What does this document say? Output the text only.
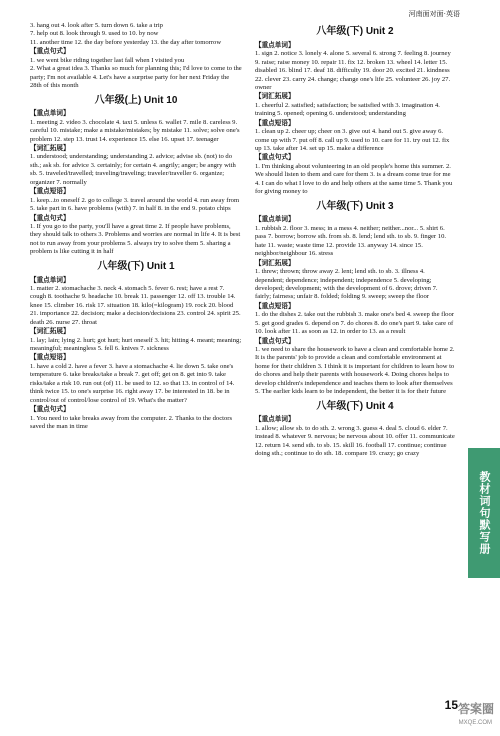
河南面对面·英语

3. hang out 4. look after 5. turn down 6. take a trip

7. help out 8. look through 9. used to 10. by now

11. another time 12. the day before yesterday 13. the day after tomorrow

【重点句式】

1. we went bike riding together last fall when I visited you

2. What a great idea 3. Thanks so much for planning this; I'd love to come to the party; I'm not available 4. Let's have a surprise party for her next Friday the 28th of this month

八年级(上) Unit 10
【重点单词】

1. meeting 2. video 3. chocolate 4. taxi 5. unless 6. wallet 7. mile 8. careless 9. careful 10. mistake; make a mistake/mistakes; by mistake 11. solve; solve one's problem 12. step 13. trust 14. experience 15. else 16. upset 17. teenager

【词汇拓展】

1. understood; understanding; understanding 2. advice; advise sb. (not) to do sth.; ask sb. for advice 3. certainly; for certain 4. angrily; anger; be angry with sb. 5. traveled/travelled; traveling/traveling; traveler/traveller 6. organize; organizer 7. normally

【重点短语】

1. keep...to oneself 2. go to college 3. travel around the world 4. run away from 5. take part in 6. have problems (with) 7. in half 8. in the end 9. potato chips

【重点句式】

1. If you go to the party, you'll have a great time 2. If people have problems, they should talk to others 3. Problems and worries are normal in life 4. It is best not to run away from your problems 5. always try to solve them 5. sharing a problem is like cutting it in half

八年级(下) Unit 1
【重点单词】

1. matter 2. stomachache 3. neck 4. stomach 5. fever 6. rest; have a rest 7. cough 8. toothache 9. headache 10. break 11. passenger 12. off 13. trouble 14. knee 15. climber 16. risk 17. situation 18. kilo(=kilogram) 19. rock 20. blood 21. importance 22. decision; make a decision/decisions 23. control 24. spirit 25. death 26. nurse 27. throat

【词汇拓展】

1. lay; lain; lying 2. hurt; got hurt; hurt oneself 3. hit; hitting 4. meant; meaning; meaningful; meaningless 5. fell 6. knives 7. sickness

【重点短语】

1. have a cold 2. have a fever 3. have a stomachache 4. lie down 5. take one's temperature 6. take breaks/take a break 7. get off; get on 8. get into 9. take risks/take a risk 10. run out (of) 11. be used to 12. so that 13. in control of 14. think twice 15. to one's surprise 16. right away 17. be interested in 18. be in control/out of control/lose control of 19. What's the matter?

【重点句式】

1. You need to take breaks away from the computer. 2. Thanks to the doctors saved the man in time

八年级(下) Unit 2
【重点单词】

1. sign 2. notice 3. lonely 4. alone 5. several 6. strong 7. feeling 8. journey 9. raise; raise money 10. repair 11. fix 12. broken 13. wheel 14. letter 15. disabled 16. blind 17. deaf 18. difficulty 19. door 20. excited 21. kindness 22. clever 23. carry 24. change; change one's life 25. volunteer 26. joy 27. owner

【词汇拓展】

1. cheerful 2. satisfied; satisfaction; be satisfied with 3. imagination 4. training 5. opened; opening 6. understood; understanding

【重点短语】

1. clean up 2. cheer up; cheer on 3. give out 4. hand out 5. give away 6. come up with 7. put off 8. call up 9. used to 10. care for 11. try out 12. fix up 13. take after 14. set up 15. make a difference

【重点句式】

1. I'm thinking about volunteering in an old people's home this summer. 2. We should listen to them and care for them 3. is a dream come true for me 4. I can do what I love to do and help others at the same time 5. Thank you for giving money to

八年级(下) Unit 3
【重点单词】

1. rubbish 2. floor 3. mess; in a mess 4. neither; neither...nor... 5. shirt 6. pass 7. borrow; borrow sth. from sb. 8. lend; lend sth. to sb. 9. finger 10. hate 11. waste; waste time 12. provide 13. anyway 14. since 15. neighbor/neighbour 16. stress

【词汇拓展】

1. threw; thrown; throw away 2. lent; lend sth. to sb. 3. illness 4. dependent; dependence; independent; independence 5. developing; developed; development; with the development of 6. drove; driven 7. fairly; fairness; unfair 8. folded; folding 9. sweep; sweep the floor

【重点短语】

1. do the dishes 2. take out the rubbish 3. make one's bed 4. sweep the floor 5. get good grades 6. depend on 7. do chores 8. do one's part 9. take care of 10. look after 11. as soon as 12. in order to 13. as a result

【重点句式】

1. we need to share the housework to have a clean and comfortable home 2. It is the parents' job to provide a clean and comfortable environment at home for their children 3. I think it is important for children to learn how to do chores and help their parents with housework 4. Doing chores helps to develop children's independence and teaches them to look after themselves 5. The earlier kids learn to be independent, the better it is for their future

八年级(下) Unit 4
【重点单词】

1. allow; allow sb. to do sth. 2. wrong 3. guess 4. deal 5. cloud 6. elder 7. instead 8. whatever 9. nervous; be nervous about 10. offer 11. communicate 12. return 14. send sth. to sb. 15. skill 16. football 17. continue; continue doing sth.; continue to do sth. 18. compare 19. crazy; go crazy

教材词句默写册
15 答案圈
MXQE.COM
